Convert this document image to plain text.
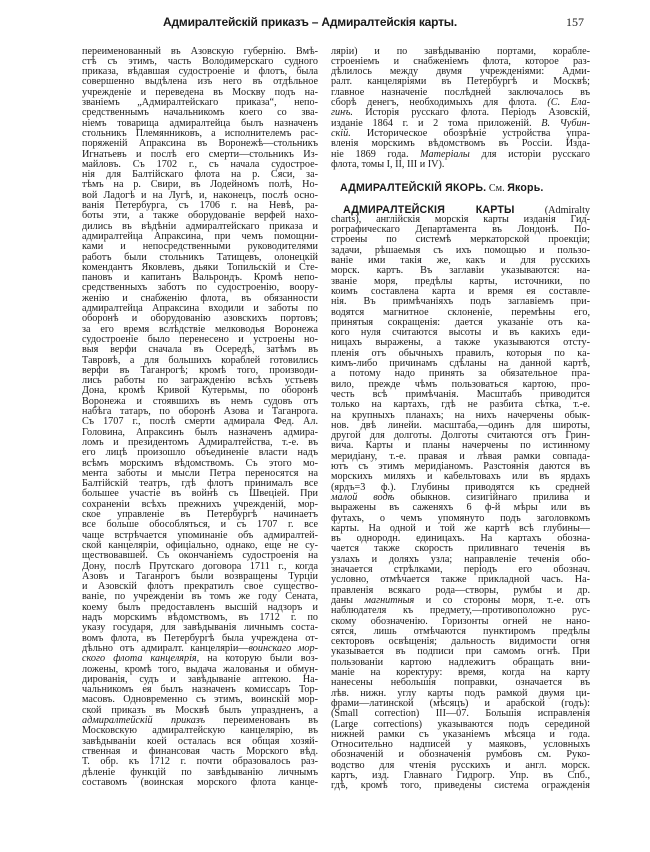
Адмиралтейскій приказъ – Адмиралтейскія карты.	157
переименованный въ Азовскую губернію. Вмѣ-
стѣ съ этимъ, часть Володимерскаго судного
приказа, вѣдавшая судостроеніе и флотъ, была
совершенно выдѣлена изъ него въ отдѣльное
учрежденіе и переведена въ Москву подъ на-
званіемъ „Адмиралтейскаго приказа“, непо-
средственнымъ начальникомъ коего со зва-
ніемъ товарища адмиралтейца былъ назначенъ
стольникъ Племянниковъ, а исполнителемъ рас-
поряженій Апраксина въ Воронежѣ—стольникъ
Игнатьевъ и послѣ его смерти—стольникъ Из-
майловъ. Съ 1702 г., съ начала судострое-
нія для Балтійскаго флота на р. Сяси, за-
тѣмъ на р. Свири, въ Лодейномъ полѣ, Но-
вой Ладогѣ и на Лугѣ, и, наконецъ, послѣ осно-
ванія Петербурга, съ 1706 г. на Невѣ, ра-
боты эти, а также оборудованіе верфей нахо-
дились въ вѣдѣніи адмиралтейскаго приказа и
адмиралтейца Апраксина, при чемъ помощни-
ками и непосредственными руководителями
работъ были стольникъ Татищевъ, олонецкій
комендантъ Яковлевъ, дьяки Топильскій и Сте-
пановъ и капитанъ Вальрондъ. Кромѣ непо-
средственныхъ заботъ по судостроенію, воору-
женію и снабженію флота, въ обязанности
адмиралтейца Апраксина входили и заботы по
оборонѣ и оборудованію азовскихъ портовъ;
за его время вслѣдствіе мелководья Воронежа
судостроеніе было перенесено и устроены но-
выя верфи сначала въ Осередѣ, затѣмъ въ
Тавровѣ, а для большихъ кораблей готовились
верфи въ Таганрогѣ; кромѣ того, производи-
лись работы по загражденію всѣхъ устьевъ
Дона, кромѣ Кривой Кутерьмы, по оборонѣ
Воронежа и стоявшихъ въ немъ судовъ отъ
набѣга татаръ, по оборонѣ Азова и Таганрога.
Съ 1707 г., послѣ смерти адмирала Фед. Ал.
Головина, Апраксинъ былъ назначенъ адмира-
ломъ и президентомъ Адмиралтейства, т.-е. въ
его лицѣ произошло объединеніе власти надъ
всѣмъ морскимъ вѣдомствомъ. Съ этого мо-
мента заботы и мысли Петра переносятся на
Балтійскій театръ, гдѣ флотъ принималъ все
большее участіе въ войнѣ съ Швеціей. При
сохраненіи всѣхъ прежнихъ учрежденій, мор-
ское управленіе въ Петербургѣ начинаетъ
все больше обособляться, и съ 1707 г. все
чаще встрѣчается упоминаніе объ адмиралтей-
ской канцеляріи, офиціально, однако, еще не су-
ществовавшей. Съ окончаніемъ судостроенія на
Дону, послѣ Прутскаго договора 1711 г., когда
Азовъ и Таганрогъ были возвращены Турціи
и Азовскій флотъ прекратилъ свое существо-
ваніе, по учрежденіи въ томъ же году Сената,
коему былъ предоставленъ высшій надзоръ и
надъ морскимъ вѣдомствомъ, въ 1712 г. по
указу государя, для завѣдыванія личнымъ соста-
вомъ флота, въ Петербургѣ была учреждена от-
дѣльно отъ адмиралт. канцеляріи—воинскаго мор-
ского флота канцелярія, на которую были воз-
ложены, кромѣ того, выдача жалованья и обмун-
дированія, судъ и завѣдываніе аптекою. На-
чальникомъ ея былъ назначенъ комиссаръ Тор-
масовъ. Одновременно съ этимъ, воинскій мор-
ской приказъ въ Москвѣ былъ упраздненъ, а
адмиралтейскій приказъ переименованъ въ
Московскую адмиралтейскую канцелярію, въ
завѣдываніи коей осталась вся общая хозяй-
ственная и финансовая часть Морского вѣд.
Т. обр. къ 1712 г. почти образовалось раз-
дѣленіе функцій по завѣдыванію личнымъ
составомъ (воинская морского флота канце-
ляріи) и по завѣдыванію портами, корабле-
строеніемъ и снабженіемъ флота, которое раз-
дѣлилось между двумя учрежденіями: Адми-
ралт. канцеляріями въ Петербургѣ и Москвѣ;
главное назначеніе послѣдней заключалось въ
сборѣ денегъ, необходимыхъ для флота. (С. Ела-
гинъ. Исторія русскаго флота. Періодъ Азовскій,
изданіе 1864 г. и 2 тома приложеній. В. Чубин-
скій. Историческое обозрѣніе устройства упра-
вленія морскимъ вѣдомствомъ въ Россіи. Изда-
ніе 1869 года. Матеріалы для исторіи русскаго
флота, томы I, II, III и IV).
АДМИРАЛТЕЙСКІЙ ЯКОРЬ. См. Якорь.
АДМИРАЛТЕЙСКІЯ КАРТЫ (Admiralty
charts), англійскія морскія карты изданія Гид-
рографическаго Департамента въ Лондонѣ. По-
строены по системѣ меркаторской проекціи;
задачи, рѣшаемыя съ ихъ помощью и пользо-
ваніе ими такія же, какъ и для русскихъ
морск. картъ. Въ заглавіи указываются: на-
званіе моря, предѣлы карты, источники, по
коимъ составлена карта и время ея составле-
нія. Въ примѣчаніяхъ подъ заглавіемъ при-
водятся магнитное склоненіе, перемѣны его,
принятыя сокращенія: дается указаніе отъ ка-
кого нуля считаются высоты и въ какихъ еди-
ницахъ выражены, а также указываются отсту-
пленія отъ обычныхъ правилъ, которыя по ка-
кимъ-либо причинамъ сдѣланы на данной картѣ,
а потому надо принять за обязательное пра-
вило, прежде чѣмъ пользоваться картою, про-
честь всѣ примѣчанія. Масштабъ приводится
только на картахъ, гдѣ не разбита сѣтка, т.-е.
на крупныхъ планахъ; на нихъ начерчены обык-
нов. двѣ линейи. масштаба,—одинъ для широты,
другой для долготы. Долготы считаются отъ Грин-
вича. Карты и планы начерчены по истинному
меридіану, т.-е. правая и лѣвая рамки совпада-
ютъ съ этимъ меридіаномъ. Разстоянія даются въ
морскихъ миляхъ и кабельтовахъ или въ ярдахъ
(ярдъ=3 ф.). Глубины приводятся къ средней
малой водѣ обыкнов. сизигійнаго прилива и
выражены въ саженяхъ 6 ф-й мѣры или въ
футахъ, о чемъ упомянуто подъ заголовкомъ
карты. На одной и той же картѣ всѣ глубины—
въ однородн. единицахъ. На картахъ обозна-
чается также скорость приливнаго теченія въ
узлахъ и доляхъ узла; направленіе теченія обо-
значается стрѣлками, періодъ его обознач.
условно, отмѣчается также прикладной часъ. На-
правленія всякаго рода—створы, румбы и др.
даны магнитныя и со стороны моря, т.-е. отъ
наблюдателя къ предмету,—противоположно рус-
скому обозначенію. Горизонты огней не нано-
сятся, лишь отмѣчаются пунктиромъ предѣлы
секторовъ освѣщенія; дальность видимости огня
указывается въ подписи при самомъ огнѣ. При
пользованіи картою надлежитъ обращать вни-
маніе на коректуру: время, когда на карту
нанесены небольшія поправки, означается въ
лѣв. нижн. углу карты подъ рамкой двумя ци-
фрами—латинской (мѣсяцъ) и арабской (годъ):
(Small correction) III—07. Большія исправленія
(Large corrections) указываются подъ серединой
нижней рамки съ указаніемъ мѣсяца и года.
Относительно надписей у маяковъ, условныхъ
обозначеній и обозначенія румбовъ см. Руко-
водство для чтенія русскихъ и англ. морск.
картъ, изд. Главнаго Гидрогр. Упр. въ Спб.,
гдѣ, кромѣ того, приведены система огражденія
